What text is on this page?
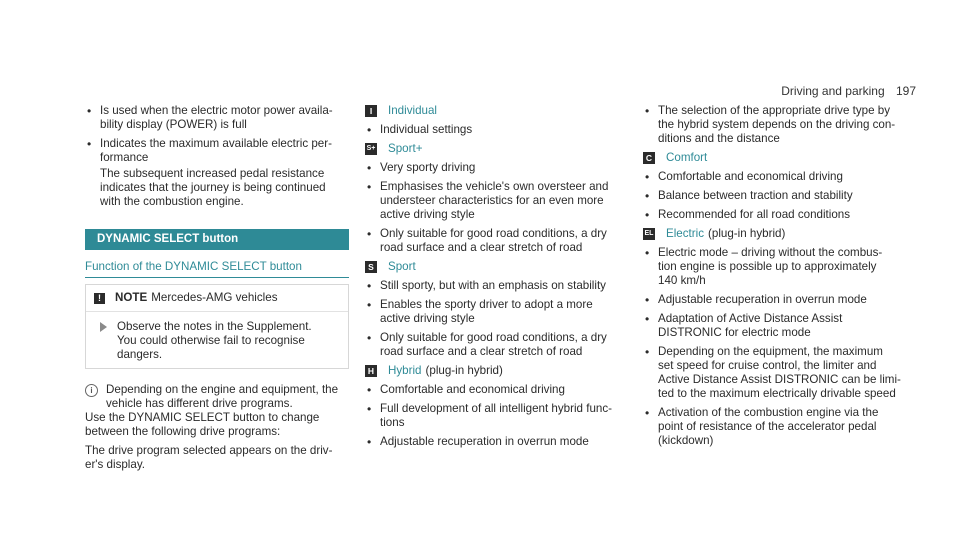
Driving and parking 197
• Is used when the electric motor power availa-
bility display (POWER) is full
• Indicates the maximum available electric per-
formance
The subsequent increased pedal resistance
indicates that the journey is being continued
with the combustion engine.
DYNAMIC SELECT button
Function of the DYNAMIC SELECT button
!	NOTE Mercedes-AMG vehicles
Observe the notes in the Supplement.
You could otherwise fail to recognise
dangers.
i	Depending on the engine and equipment, the
vehicle has different drive programs.

Use the DYNAMIC SELECT button to change
between the following drive programs:

The drive program selected appears on the driv-
er's display.

I	Individual
• Individual settings
S+ Sport+
• Very sporty driving
• Emphasises the vehicle's own oversteer and
understeer characteristics for an even more
active driving style
• Only suitable for good road conditions, a dry
road surface and a clear stretch of road
S Sport
• Still sporty, but with an emphasis on stability
• Enables the sporty driver to adopt a more
active driving style
• Only suitable for good road conditions, a dry
road surface and a clear stretch of road
H Hybrid (plug-in hybrid)
• Comfortable and economical driving
• Full development of all intelligent hybrid func-
tions
• Adjustable recuperation in overrun mode
• The selection of the appropriate drive type by
the hybrid system depends on the driving con-
ditions and the distance
C Comfort
• Comfortable and economical driving
• Balance between traction and stability
• Recommended for all road conditions
EL Electric (plug-in hybrid)
• Electric mode – driving without the combus-
tion engine is possible up to approximately
140 km/h
• Adjustable recuperation in overrun mode
• Adaptation of Active Distance Assist
DISTRONIC for electric mode
• Depending on the equipment, the maximum
set speed for cruise control, the limiter and
Active Distance Assist DISTRONIC can be limi-
ted to the maximum electrically drivable speed
• Activation of the combustion engine via the
point of resistance of the accelerator pedal
(kickdown)
